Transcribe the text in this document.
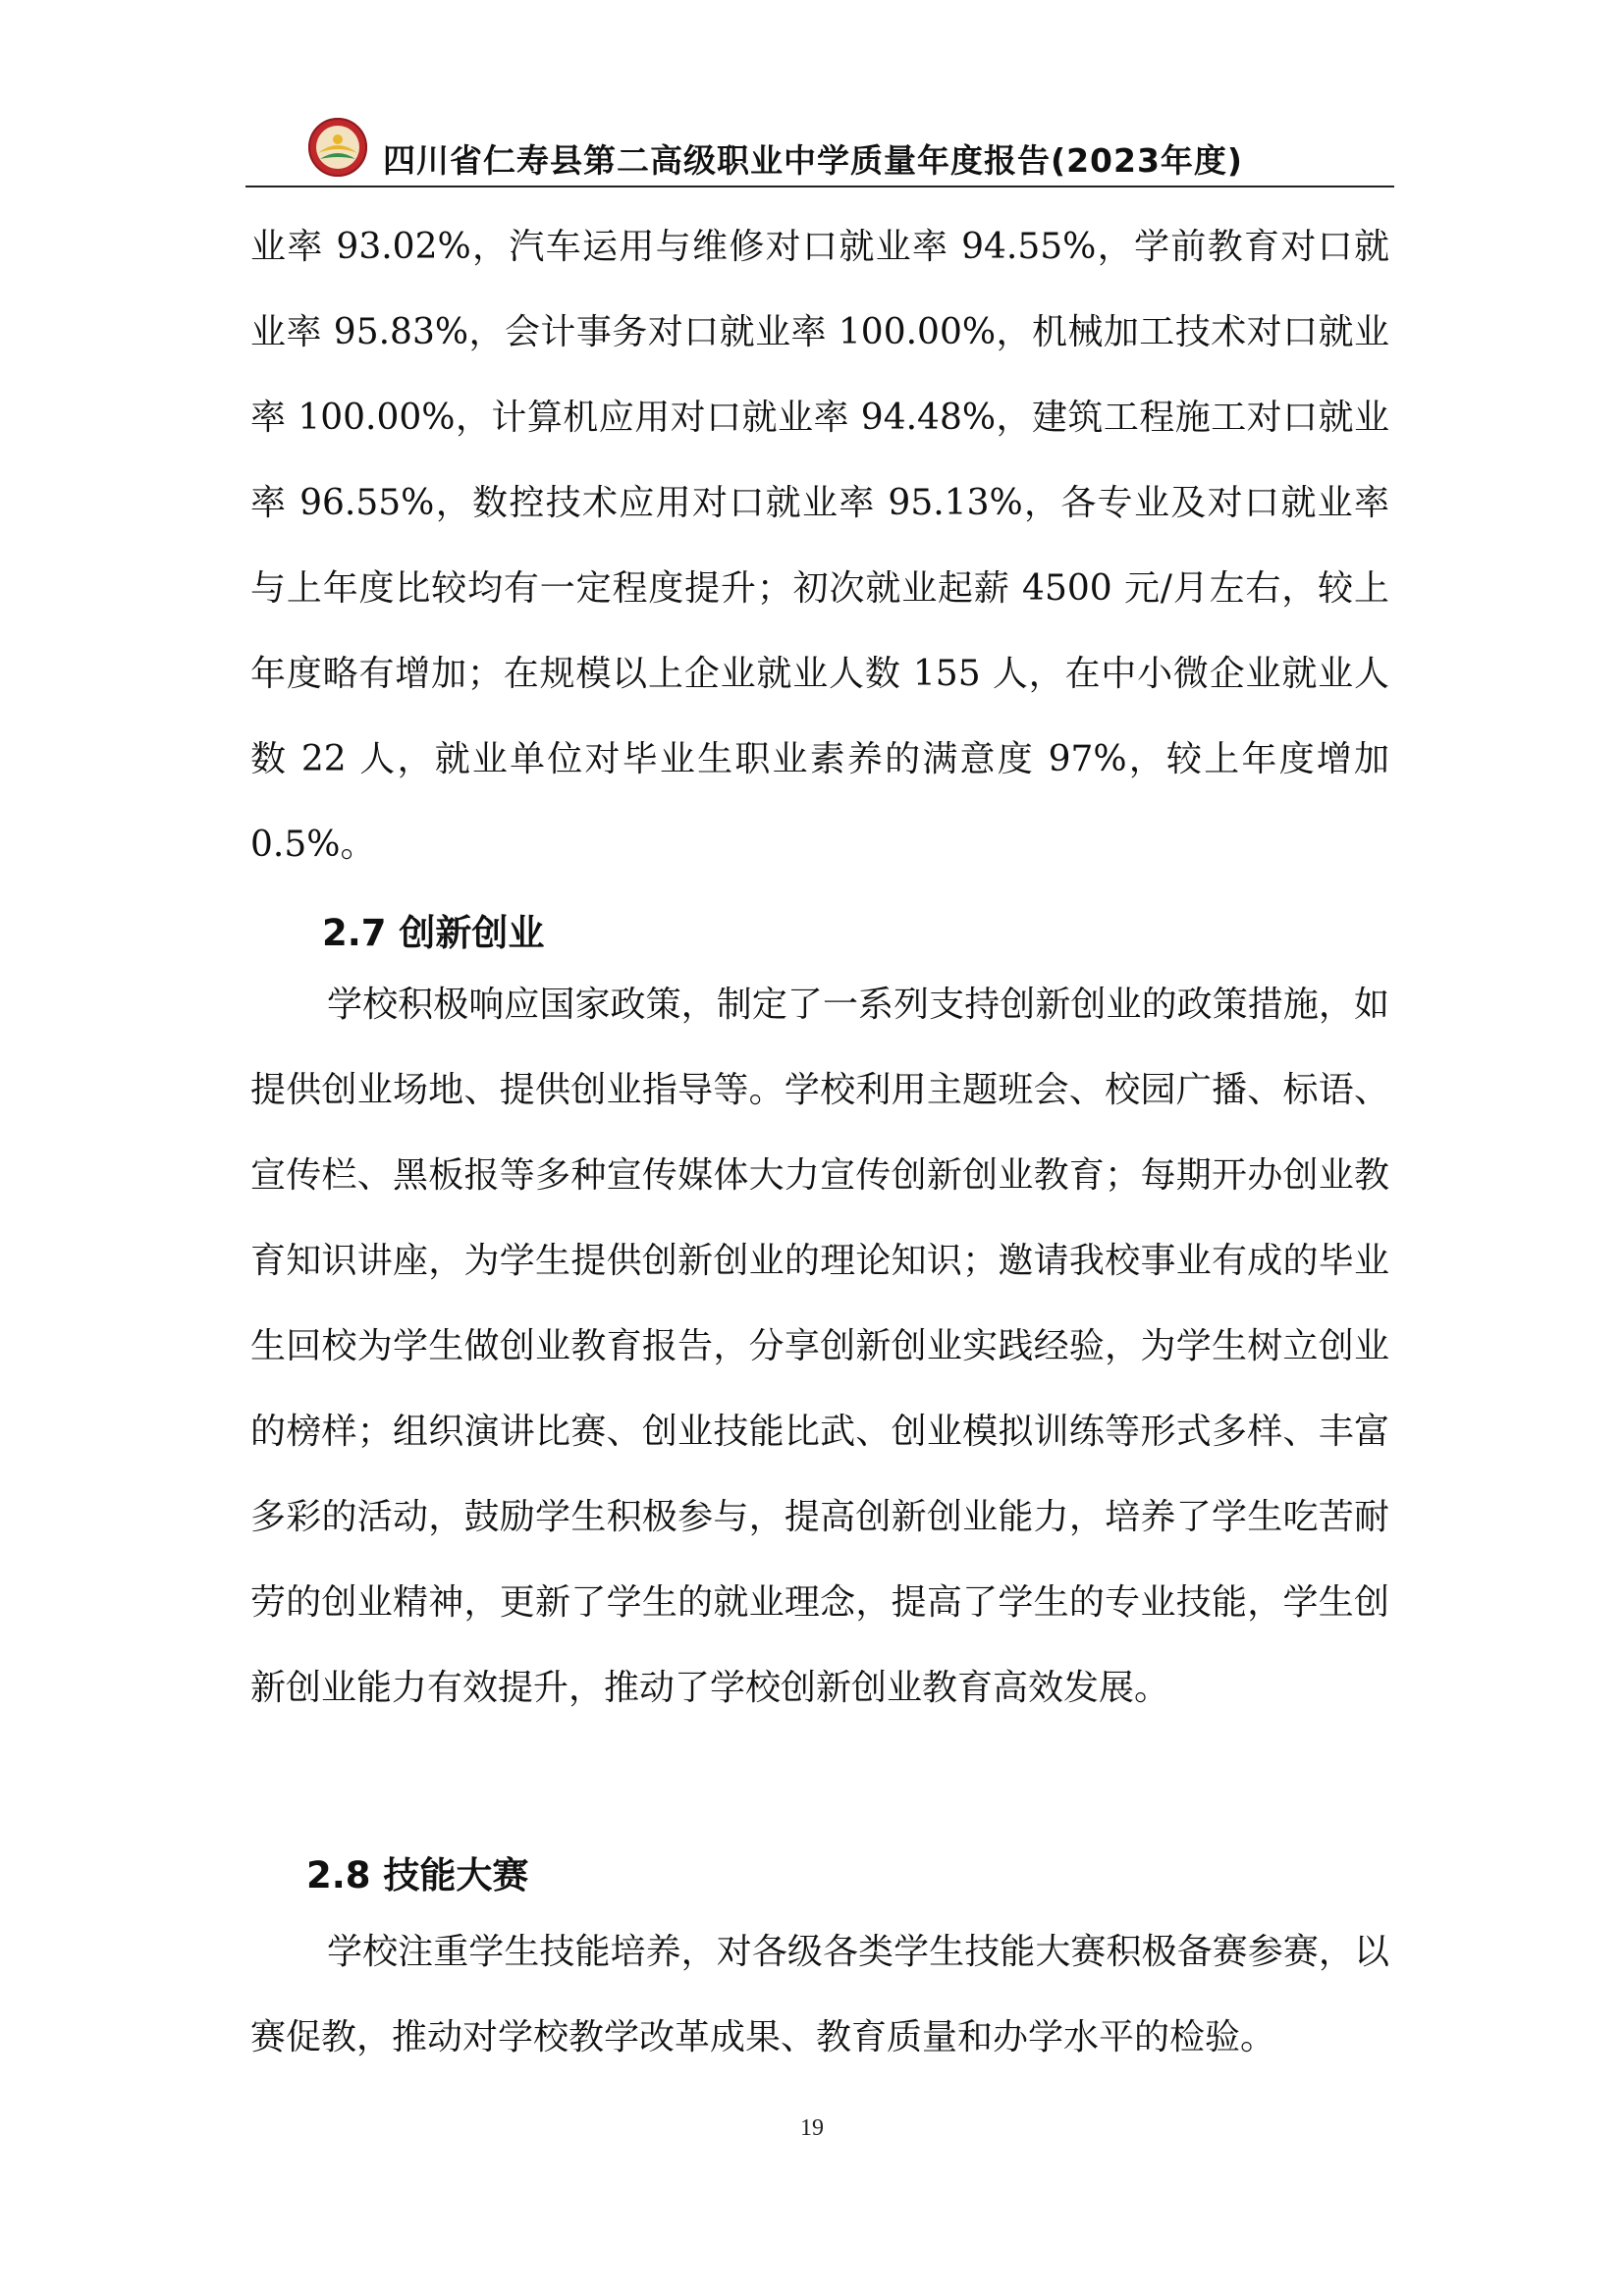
四川省仁寿县第二高级职业中学质量年度报告(2023年度)

业率 93.02%，汽车运用与维修对口就业率 94.55%，学前教育对口就业率 95.83%，会计事务对口就业率 100.00%，机械加工技术对口就业率 100.00%，计算机应用对口就业率 94.48%，建筑工程施工对口就业率 96.55%，数控技术应用对口就业率 95.13%，各专业及对口就业率与上年度比较均有一定程度提升；初次就业起薪 4500 元/月左右，较上年度略有增加；在规模以上企业就业人数 155 人，在中小微企业就业人数 22 人，就业单位对毕业生职业素养的满意度 97%，较上年度增加 0.5%。

2.7 创新创业

学校积极响应国家政策，制定了一系列支持创新创业的政策措施，如提供创业场地、提供创业指导等。学校利用主题班会、校园广播、标语、宣传栏、黑板报等多种宣传媒体大力宣传创新创业教育；每期开办创业教育知识讲座，为学生提供创新创业的理论知识；邀请我校事业有成的毕业生回校为学生做创业教育报告，分享创新创业实践经验，为学生树立创业的榜样；组织演讲比赛、创业技能比武、创业模拟训练等形式多样、丰富多彩的活动，鼓励学生积极参与，提高创新创业能力，培养了学生吃苦耐劳的创业精神，更新了学生的就业理念，提高了学生的专业技能，学生创新创业能力有效提升，推动了学校创新创业教育高效发展。

2.8 技能大赛

学校注重学生技能培养，对各级各类学生技能大赛积极备赛参赛，以赛促教，推动对学校教学改革成果、教育质量和办学水平的检验。

19
